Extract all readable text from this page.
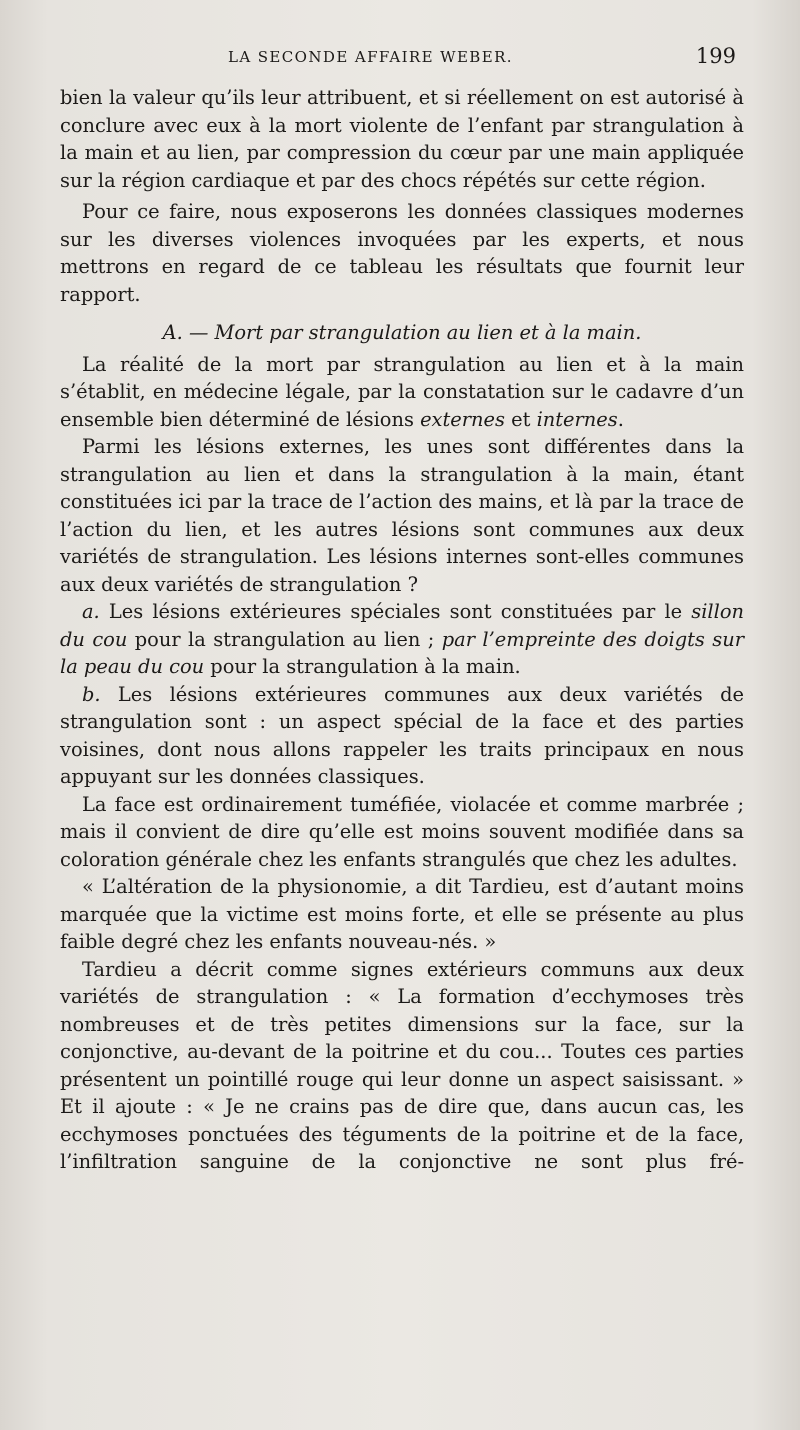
LA SECONDE AFFAIRE WEBER.	199

bien la valeur qu’ils leur attribuent, et si réellement on est autorisé à conclure avec eux à la mort violente de l’enfant par strangulation à la main et au lien, par compression du cœur par une main appliquée sur la région cardiaque et par des chocs répétés sur cette région.

Pour ce faire, nous exposerons les données classiques modernes sur les diverses violences invoquées par les experts, et nous mettrons en regard de ce tableau les résultats que fournit leur rapport.

A. — Mort par strangulation au lien et à la main.

La réalité de la mort par strangulation au lien et à la main s’établit, en médecine légale, par la constatation sur le cadavre d’un ensemble bien déterminé de lésions externes et internes.

Parmi les lésions externes, les unes sont différentes dans la strangulation au lien et dans la strangulation à la main, étant constituées ici par la trace de l’action des mains, et là par la trace de l’action du lien, et les autres lésions sont communes aux deux variétés de strangulation. Les lésions internes sont-elles communes aux deux variétés de strangulation ?

a. Les lésions extérieures spéciales sont constituées par le sillon du cou pour la strangulation au lien ; par l’empreinte des doigts sur la peau du cou pour la strangulation à la main.

b. Les lésions extérieures communes aux deux variétés de strangulation sont : un aspect spécial de la face et des parties voisines, dont nous allons rappeler les traits principaux en nous appuyant sur les données classiques.

La face est ordinairement tuméfiée, violacée et comme marbrée ; mais il convient de dire qu’elle est moins souvent modifiée dans sa coloration générale chez les enfants strangulés que chez les adultes.

« L’altération de la physionomie, a dit Tardieu, est d’autant moins marquée que la victime est moins forte, et elle se présente au plus faible degré chez les enfants nouveau-nés. »

Tardieu a décrit comme signes extérieurs communs aux deux variétés de strangulation : « La formation d’ecchymoses très nombreuses et de très petites dimensions sur la face, sur la conjonctive, au-devant de la poitrine et du cou... Toutes ces parties présentent un pointillé rouge qui leur donne un aspect saisissant. » Et il ajoute : « Je ne crains pas de dire que, dans aucun cas, les ecchymoses ponctuées des téguments de la poitrine et de la face, l’infiltration sanguine de la conjonctive ne sont plus fré-
